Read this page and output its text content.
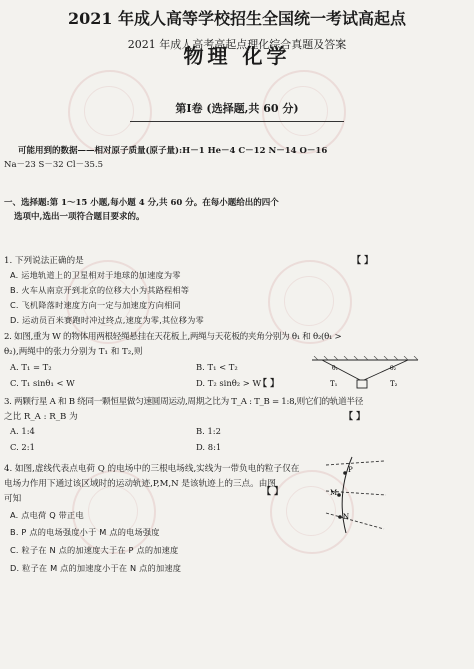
2021 年成人高等学校招生全国统一考试高起点
2021 年成人高考高起点理化综合真题及答案
物理 化学
第Ⅰ卷 (选择题,共 60 分)
可能用到的数据——相对原子质量(原子量):H－1 He－4 C－12 N－14 O－16
Na－23 S－32 Cl－35.5
一、选择题:第 1～15 小题,每小题 4 分,共 60 分。在每小题给出的四个
选项中,选出一项符合题目要求的。
1. 下列说法正确的是	【 】
A. 运地轨道上的卫星相对于地球的加速度为零
B. 火车从南京开到北京的位移大小为其路程相等
C. 飞机降落时速度方向一定与加速度方向相同
D. 运动员百米赛跑时冲过终点,速度为零,其位移为零
2. 如图,重为 W 的物体用两根轻绳悬挂在天花板上,两绳与天花板的夹角分别为 θ₁ 和 θ₂(θ₁ >
θ₂),两绳中的张力分别为 T₁ 和 T₂,则
A. T₁ = T₂	B. T₁ < T₂
C. T₁ sinθ₁ < W	D. T₂ sinθ₂ > W
【 】
θ₁	θ₂
T₁	T₂
3. 两颗行星 A 和 B 绕同一颗恒星做匀速圆周运动,周期之比为 T_A : T_B = 1:8,则它们的轨道半径
之比 R_A : R_B 为	【 】
A. 1:4	B. 1:2
C. 2:1	D. 8:1
4. 如图,虚线代表点电荷 Q 的电场中的三根电场线,实线为一带负电的粒子仅在
电场力作用下通过该区域时的运动轨迹,P,M,N 是该轨迹上的三点。由图
可知
【 】
A. 点电荷 Q 带正电
B. P 点的电场强度小于 M 点的电场强度
C. 粒子在 N 点的加速度大于在 P 点的加速度
D. 粒子在 M 点的加速度小于在 N 点的加速度
P
M
N
